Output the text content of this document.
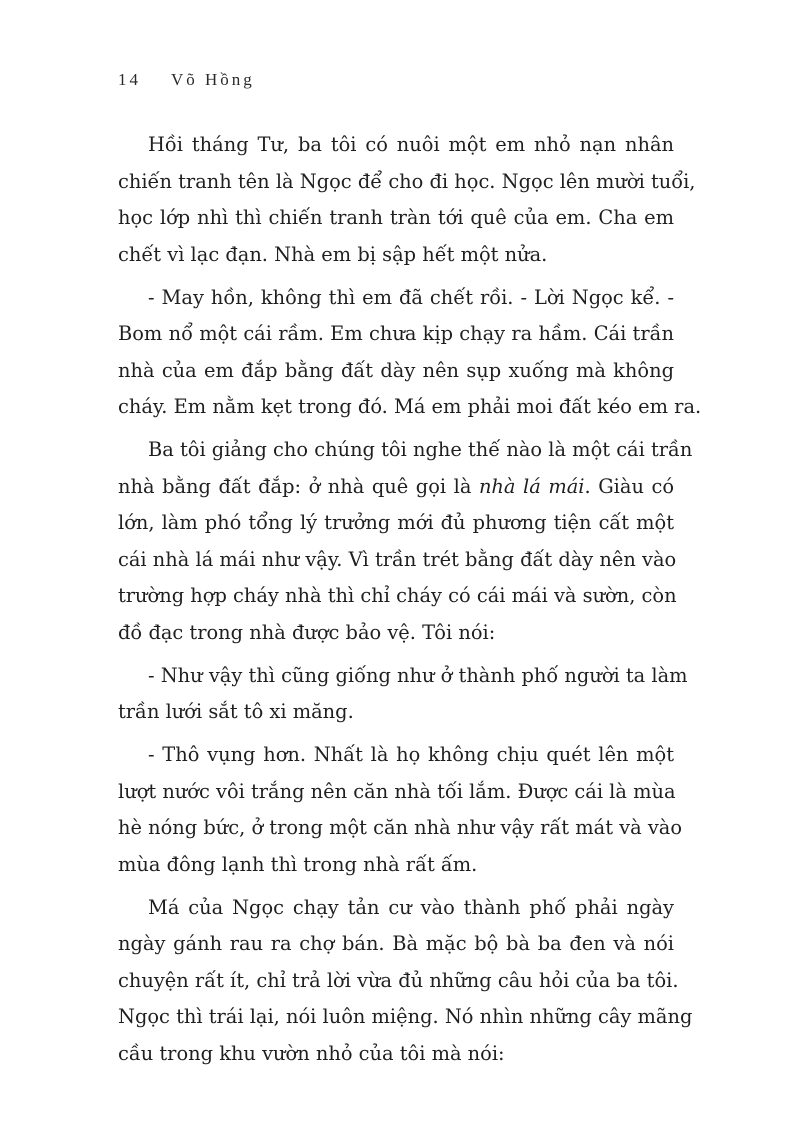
14 Võ Hồng
Hồi tháng Tư, ba tôi có nuôi một em nhỏ nạn nhân
chiến tranh tên là Ngọc để cho đi học. Ngọc lên mười tuổi,
học lớp nhì thì chiến tranh tràn tới quê của em. Cha em
chết vì lạc đạn. Nhà em bị sập hết một nửa.
- May hồn, không thì em đã chết rồi. - Lời Ngọc kể. -
Bom nổ một cái rầm. Em chưa kịp chạy ra hầm. Cái trần
nhà của em đắp bằng đất dày nên sụp xuống mà không
cháy. Em nằm kẹt trong đó. Má em phải moi đất kéo em ra.
Ba tôi giảng cho chúng tôi nghe thế nào là một cái trần
nhà bằng đất đắp: ở nhà quê gọi là nhà lá mái. Giàu có
lớn, làm phó tổng lý trưởng mới đủ phương tiện cất một
cái nhà lá mái như vậy. Vì trần trét bằng đất dày nên vào
trường hợp cháy nhà thì chỉ cháy có cái mái và sườn, còn
đồ đạc trong nhà được bảo vệ. Tôi nói:
- Như vậy thì cũng giống như ở thành phố người ta làm
trần lưới sắt tô xi măng.
- Thô vụng hơn. Nhất là họ không chịu quét lên một
lượt nước vôi trắng nên căn nhà tối lắm. Được cái là mùa
hè nóng bức, ở trong một căn nhà như vậy rất mát và vào
mùa đông lạnh thì trong nhà rất ấm.
Má của Ngọc chạy tản cư vào thành phố phải ngày
ngày gánh rau ra chợ bán. Bà mặc bộ bà ba đen và nói
chuyện rất ít, chỉ trả lời vừa đủ những câu hỏi của ba tôi.
Ngọc thì trái lại, nói luôn miệng. Nó nhìn những cây mãng
cầu trong khu vườn nhỏ của tôi mà nói:
